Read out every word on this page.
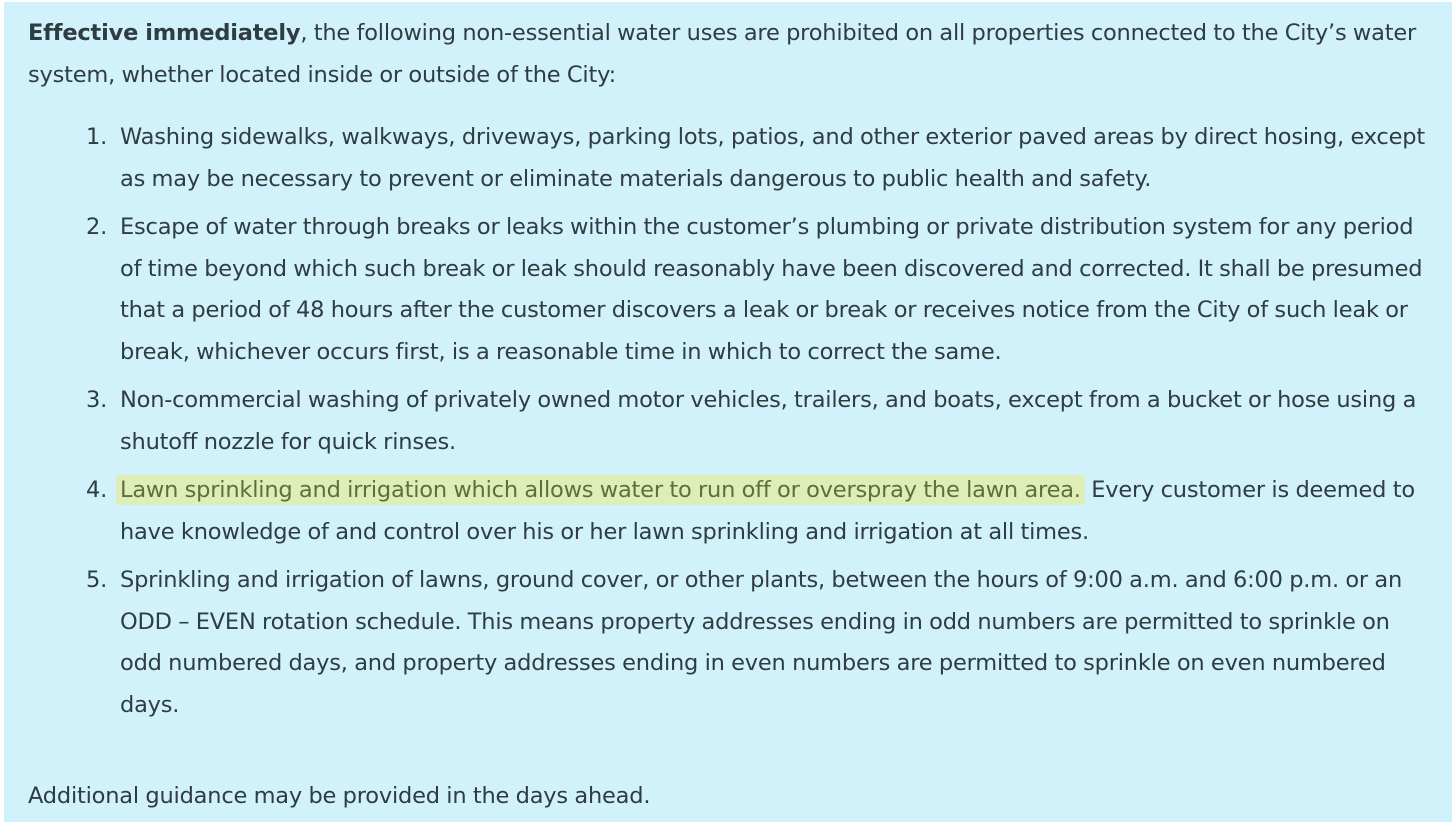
Effective immediately, the following non-essential water uses are prohibited on all properties connected to the City’s water system, whether located inside or outside of the City:

1. Washing sidewalks, walkways, driveways, parking lots, patios, and other exterior paved areas by direct hosing, except as may be necessary to prevent or eliminate materials dangerous to public health and safety.
2. Escape of water through breaks or leaks within the customer’s plumbing or private distribution system for any period of time beyond which such break or leak should reasonably have been discovered and corrected. It shall be presumed that a period of 48 hours after the customer discovers a leak or break or receives notice from the City of such leak or break, whichever occurs first, is a reasonable time in which to correct the same.
3. Non-commercial washing of privately owned motor vehicles, trailers, and boats, except from a bucket or hose using a shutoff nozzle for quick rinses.
4. Lawn sprinkling and irrigation which allows water to run off or overspray the lawn area. Every customer is deemed to have knowledge of and control over his or her lawn sprinkling and irrigation at all times.
5. Sprinkling and irrigation of lawns, ground cover, or other plants, between the hours of 9:00 a.m. and 6:00 p.m. or an ODD – EVEN rotation schedule. This means property addresses ending in odd numbers are permitted to sprinkle on odd numbered days, and property addresses ending in even numbers are permitted to sprinkle on even numbered days.

Additional guidance may be provided in the days ahead.
